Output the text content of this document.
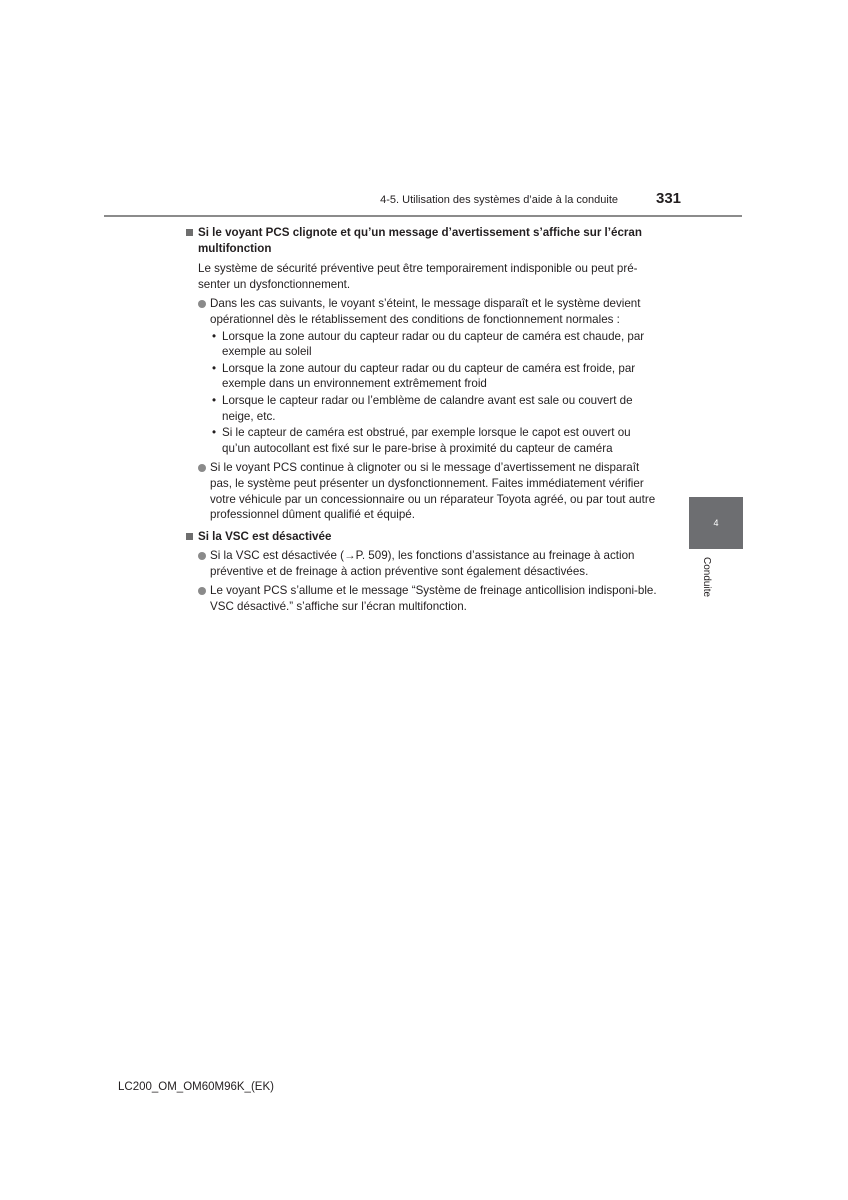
4-5. Utilisation des systèmes d’aide à la conduite	331
Si le voyant PCS clignote et qu’un message d’avertissement s’affiche sur l’écran multifonction
Le système de sécurité préventive peut être temporairement indisponible ou peut pré-senter un dysfonctionnement.
Dans les cas suivants, le voyant s’éteint, le message disparaît et le système devient opérationnel dès le rétablissement des conditions de fonctionnement normales :
• Lorsque la zone autour du capteur radar ou du capteur de caméra est chaude, par exemple au soleil
• Lorsque la zone autour du capteur radar ou du capteur de caméra est froide, par exemple dans un environnement extrêmement froid
• Lorsque le capteur radar ou l’emblème de calandre avant est sale ou couvert de neige, etc.
• Si le capteur de caméra est obstrué, par exemple lorsque le capot est ouvert ou qu’un autocollant est fixé sur le pare-brise à proximité du capteur de caméra
Si le voyant PCS continue à clignoter ou si le message d’avertissement ne disparaît pas, le système peut présenter un dysfonctionnement. Faites immédiatement vérifier votre véhicule par un concessionnaire ou un réparateur Toyota agréé, ou par tout autre professionnel dûment qualifié et équipé.
Si la VSC est désactivée
Si la VSC est désactivée (→P. 509), les fonctions d’assistance au freinage à action préventive et de freinage à action préventive sont également désactivées.
Le voyant PCS s’allume et le message “Système de freinage anticollision indisponi-ble. VSC désactivé.” s’affiche sur l’écran multifonction.
4
Conduite
LC200_OM_OM60M96K_(EK)
